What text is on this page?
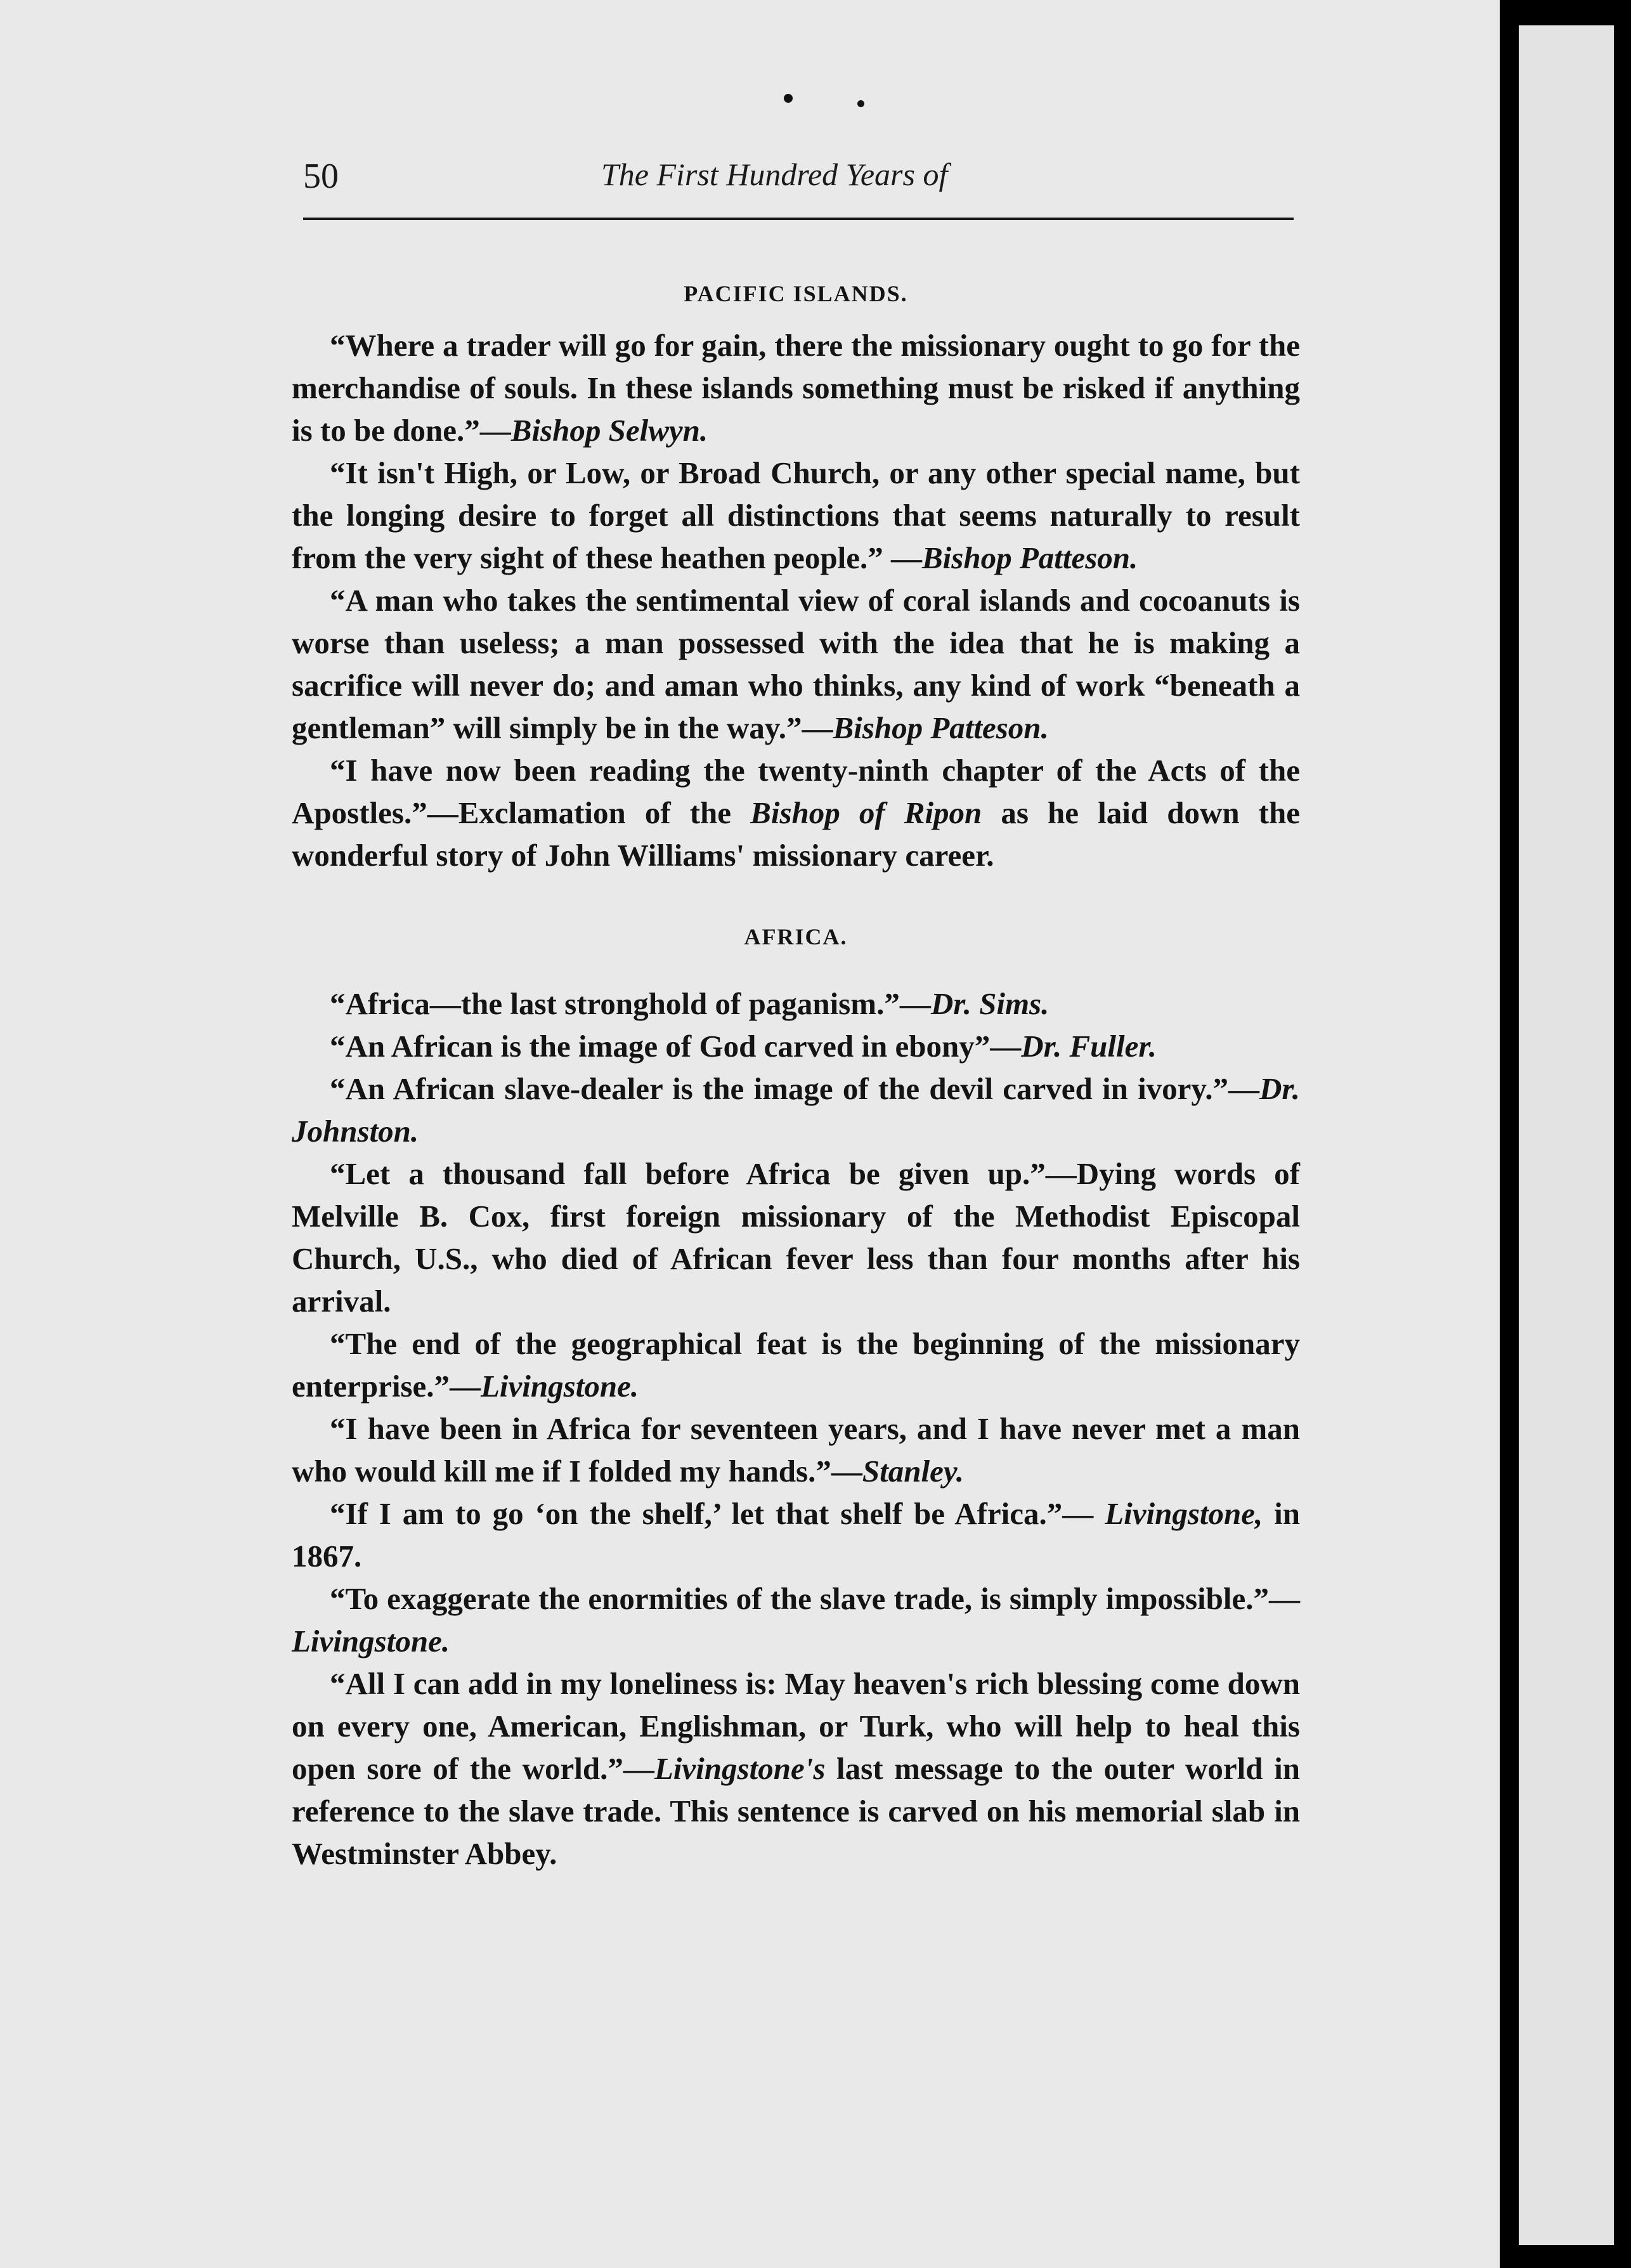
50	The First Hundred Years of
PACIFIC ISLANDS.

“Where a trader will go for gain, there the missionary ought to go for the merchandise of souls. In these islands something must be risked if anything is to be done.”—Bishop Selwyn.

“It isn't High, or Low, or Broad Church, or any other special name, but the longing desire to forget all distinctions that seems naturally to result from the very sight of these heathen people.” —Bishop Patteson.

“A man who takes the sentimental view of coral islands and cocoanuts is worse than useless; a man possessed with the idea that he is making a sacrifice will never do; and aman who thinks, any kind of work “beneath a gentleman” will simply be in the way.”—Bishop Patteson.

“I have now been reading the twenty-ninth chapter of the Acts of the Apostles.”—Exclamation of the Bishop of Ripon as he laid down the wonderful story of John Williams' missionary career.

AFRICA.

“Africa—the last stronghold of paganism.”—Dr. Sims.

“An African is the image of God carved in ebony”—Dr. Fuller.

“An African slave-dealer is the image of the devil carved in ivory.”—Dr. Johnston.

“Let a thousand fall before Africa be given up.”—Dying words of Melville B. Cox, first foreign missionary of the Methodist Episcopal Church, U.S., who died of African fever less than four months after his arrival.

“The end of the geographical feat is the beginning of the missionary enterprise.”—Livingstone.

“I have been in Africa for seventeen years, and I have never met a man who would kill me if I folded my hands.”—Stanley.

“If I am to go ‘on the shelf,’ let that shelf be Africa.”— Livingstone, in 1867.

“To exaggerate the enormities of the slave trade, is simply impossible.”—Livingstone.

“All I can add in my loneliness is: May heaven's rich blessing come down on every one, American, Englishman, or Turk, who will help to heal this open sore of the world.”—Livingstone's last message to the outer world in reference to the slave trade. This sentence is carved on his memorial slab in Westminster Abbey.
